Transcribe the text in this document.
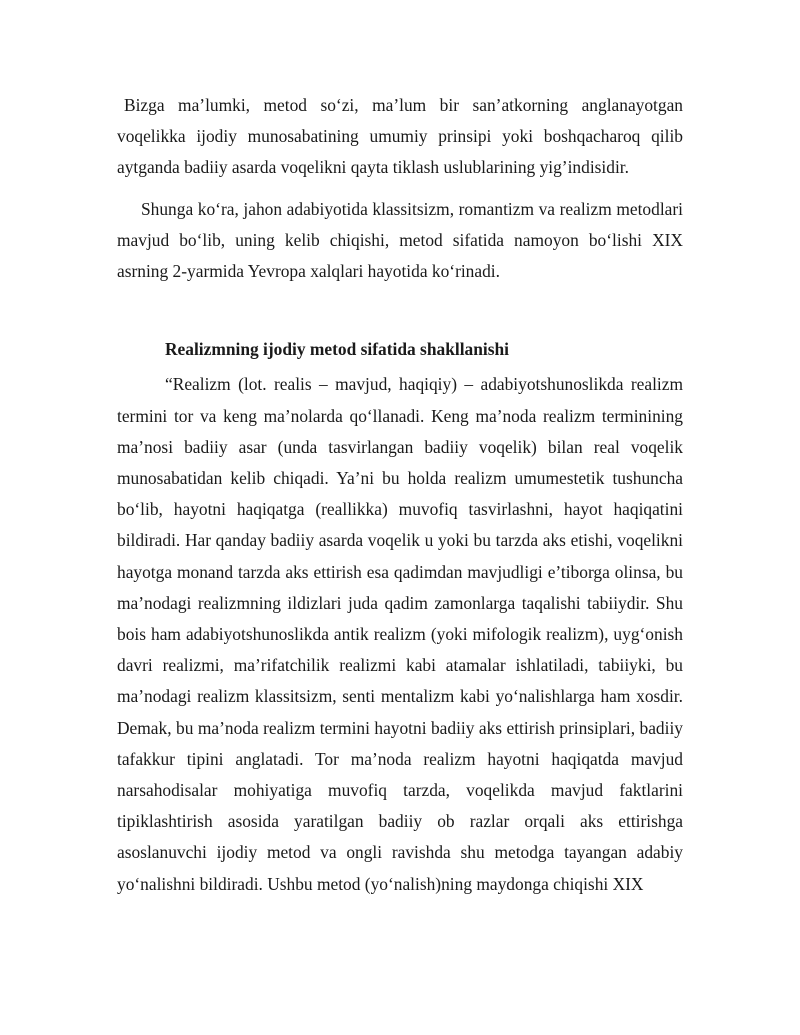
Bizga ma’lumki, metod so‘zi, ma’lum bir san’atkorning anglanayotgan voqelikka ijodiy munosabatining umumiy prinsipi yoki boshqacharoq qilib aytganda badiiy asarda voqelikni qayta tiklash uslublarining yig’indisidir.

Shunga ko‘ra, jahon adabiyotida klassitsizm, romantizm va realizm metodlari mavjud bo‘lib, uning kelib chiqishi, metod sifatida namoyon bo‘lishi XIX asrning 2-yarmida Yevropa xalqlari hayotida ko‘rinadi.

Realizmning ijodiy metod sifatida shakllanishi

“Realizm (lot. realis – mavjud, haqiqiy) – adabiyotshunoslikda realizm termini tor va keng ma’nolarda qo‘llanadi. Keng ma’noda realizm terminining ma’nosi badiiy asar (unda tasvirlangan badiiy voqelik) bilan real voqelik munosabatidan kelib chiqadi. Ya’ni bu holda realizm umumestetik tushuncha bo‘lib, hayotni haqiqatga (reallikka) muvofiq tasvirlashni, hayot haqiqatini bildiradi. Har qanday badiiy asarda voqelik u yoki bu tarzda aks etishi, voqelikni hayotga monand tarzda aks ettirish esa qadimdan mavjudligi e’tiborga olinsa, bu ma’nodagi realizmning ildizlari juda qadim zamonlarga taqalishi tabiiydir. Shu bois ham adabiyotshunoslikda antik realizm (yoki mifologik realizm), uyg‘onish davri realizmi, ma’rifatchilik realizmi kabi atamalar ishlatiladi, tabiiyki, bu ma’nodagi realizm klassitsizm, senti mentalizm kabi yo‘nalishlarga ham xosdir. Demak, bu ma’noda realizm termini hayotni badiiy aks ettirish prinsiplari, badiiy tafakkur tipini anglatadi. Tor ma’noda realizm hayotni haqiqatda mavjud narsahodisalar mohiyatiga muvofiq tarzda, voqelikda mavjud faktlarini tipiklashtirish asosida yaratilgan badiiy ob razlar orqali aks ettirishga asoslanuvchi ijodiy metod va ongli ravishda shu metodga tayangan adabiy yo‘nalishni bildiradi. Ushbu metod (yo‘nalish)ning maydonga chiqishi XIX
